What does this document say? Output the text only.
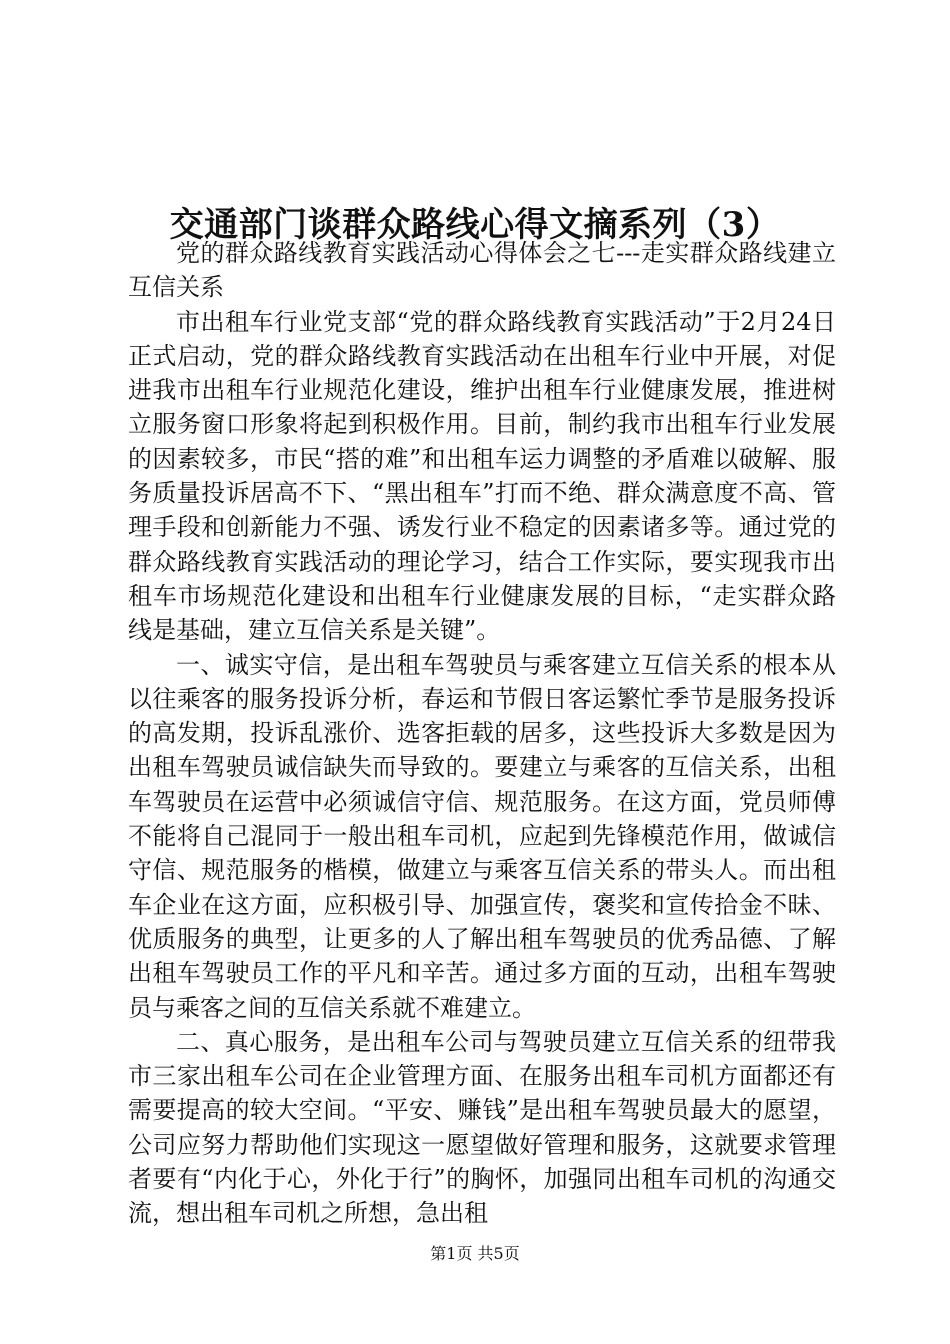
交通部门谈群众路线心得文摘系列（3）

党的群众路线教育实践活动心得体会之七---走实群众路线建立互信关系

市出租车行业党支部“党的群众路线教育实践活动”于2月24日正式启动，党的群众路线教育实践活动在出租车行业中开展，对促进我市出租车行业规范化建设，维护出租车行业健康发展，推进树立服务窗口形象将起到积极作用。目前，制约我市出租车行业发展的因素较多，市民“搭的难”和出租车运力调整的矛盾难以破解、服务质量投诉居高不下、“黑出租车”打而不绝、群众满意度不高、管理手段和创新能力不强、诱发行业不稳定的因素诸多等。通过党的群众路线教育实践活动的理论学习，结合工作实际，要实现我市出租车市场规范化建设和出租车行业健康发展的目标，“走实群众路线是基础，建立互信关系是关键”。

一、诚实守信，是出租车驾驶员与乘客建立互信关系的根本从以往乘客的服务投诉分析，春运和节假日客运繁忙季节是服务投诉的高发期，投诉乱涨价、选客拒载的居多，这些投诉大多数是因为出租车驾驶员诚信缺失而导致的。要建立与乘客的互信关系，出租车驾驶员在运营中必须诚信守信、规范服务。在这方面，党员师傅不能将自己混同于一般出租车司机，应起到先锋模范作用，做诚信守信、规范服务的楷模，做建立与乘客互信关系的带头人。而出租车企业在这方面，应积极引导、加强宣传，褒奖和宣传拾金不昧、优质服务的典型，让更多的人了解出租车驾驶员的优秀品德、了解出租车驾驶员工作的平凡和辛苦。通过多方面的互动，出租车驾驶员与乘客之间的互信关系就不难建立。

二、真心服务，是出租车公司与驾驶员建立互信关系的纽带我市三家出租车公司在企业管理方面、在服务出租车司机方面都还有需要提高的较大空间。“平安、赚钱”是出租车驾驶员最大的愿望，公司应努力帮助他们实现这一愿望做好管理和服务，这就要求管理者要有“内化于心，外化于行”的胸怀，加强同出租车司机的沟通交流，想出租车司机之所想，急出租

第1页 共5页
